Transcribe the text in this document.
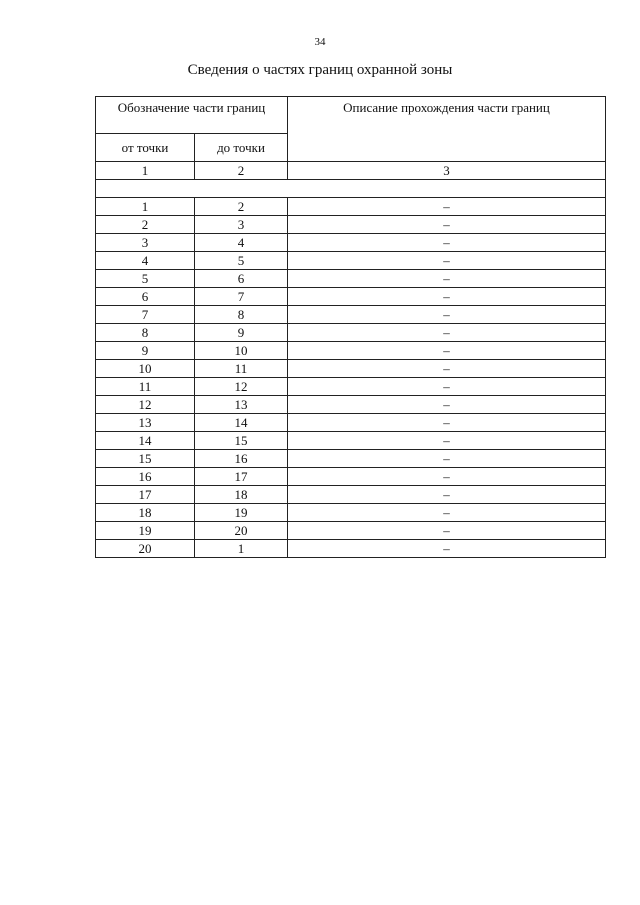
34
Сведения о частях границ охранной зоны
Обозначение части границ		Описание прохождения части границ
от точки	до точки	
1	2	3

1	2	–
2	3	–
3	4	–
4	5	–
5	6	–
6	7	–
7	8	–
8	9	–
9	10	–
10	11	–
11	12	–
12	13	–
13	14	–
14	15	–
15	16	–
16	17	–
17	18	–
18	19	–
19	20	–
20	1	–
